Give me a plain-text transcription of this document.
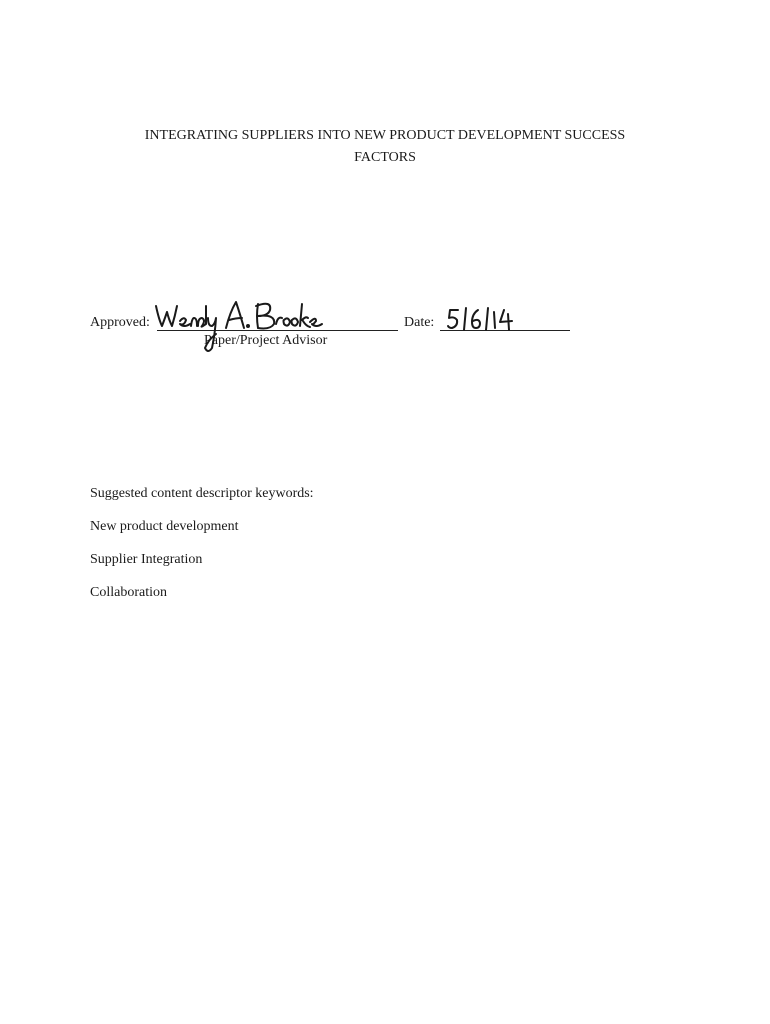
INTEGRATING SUPPLIERS INTO NEW PRODUCT DEVELOPMENT SUCCESS
FACTORS
Approved:	Date:
Paper/Project Advisor
Suggested content descriptor keywords:
New product development
Supplier Integration
Collaboration
